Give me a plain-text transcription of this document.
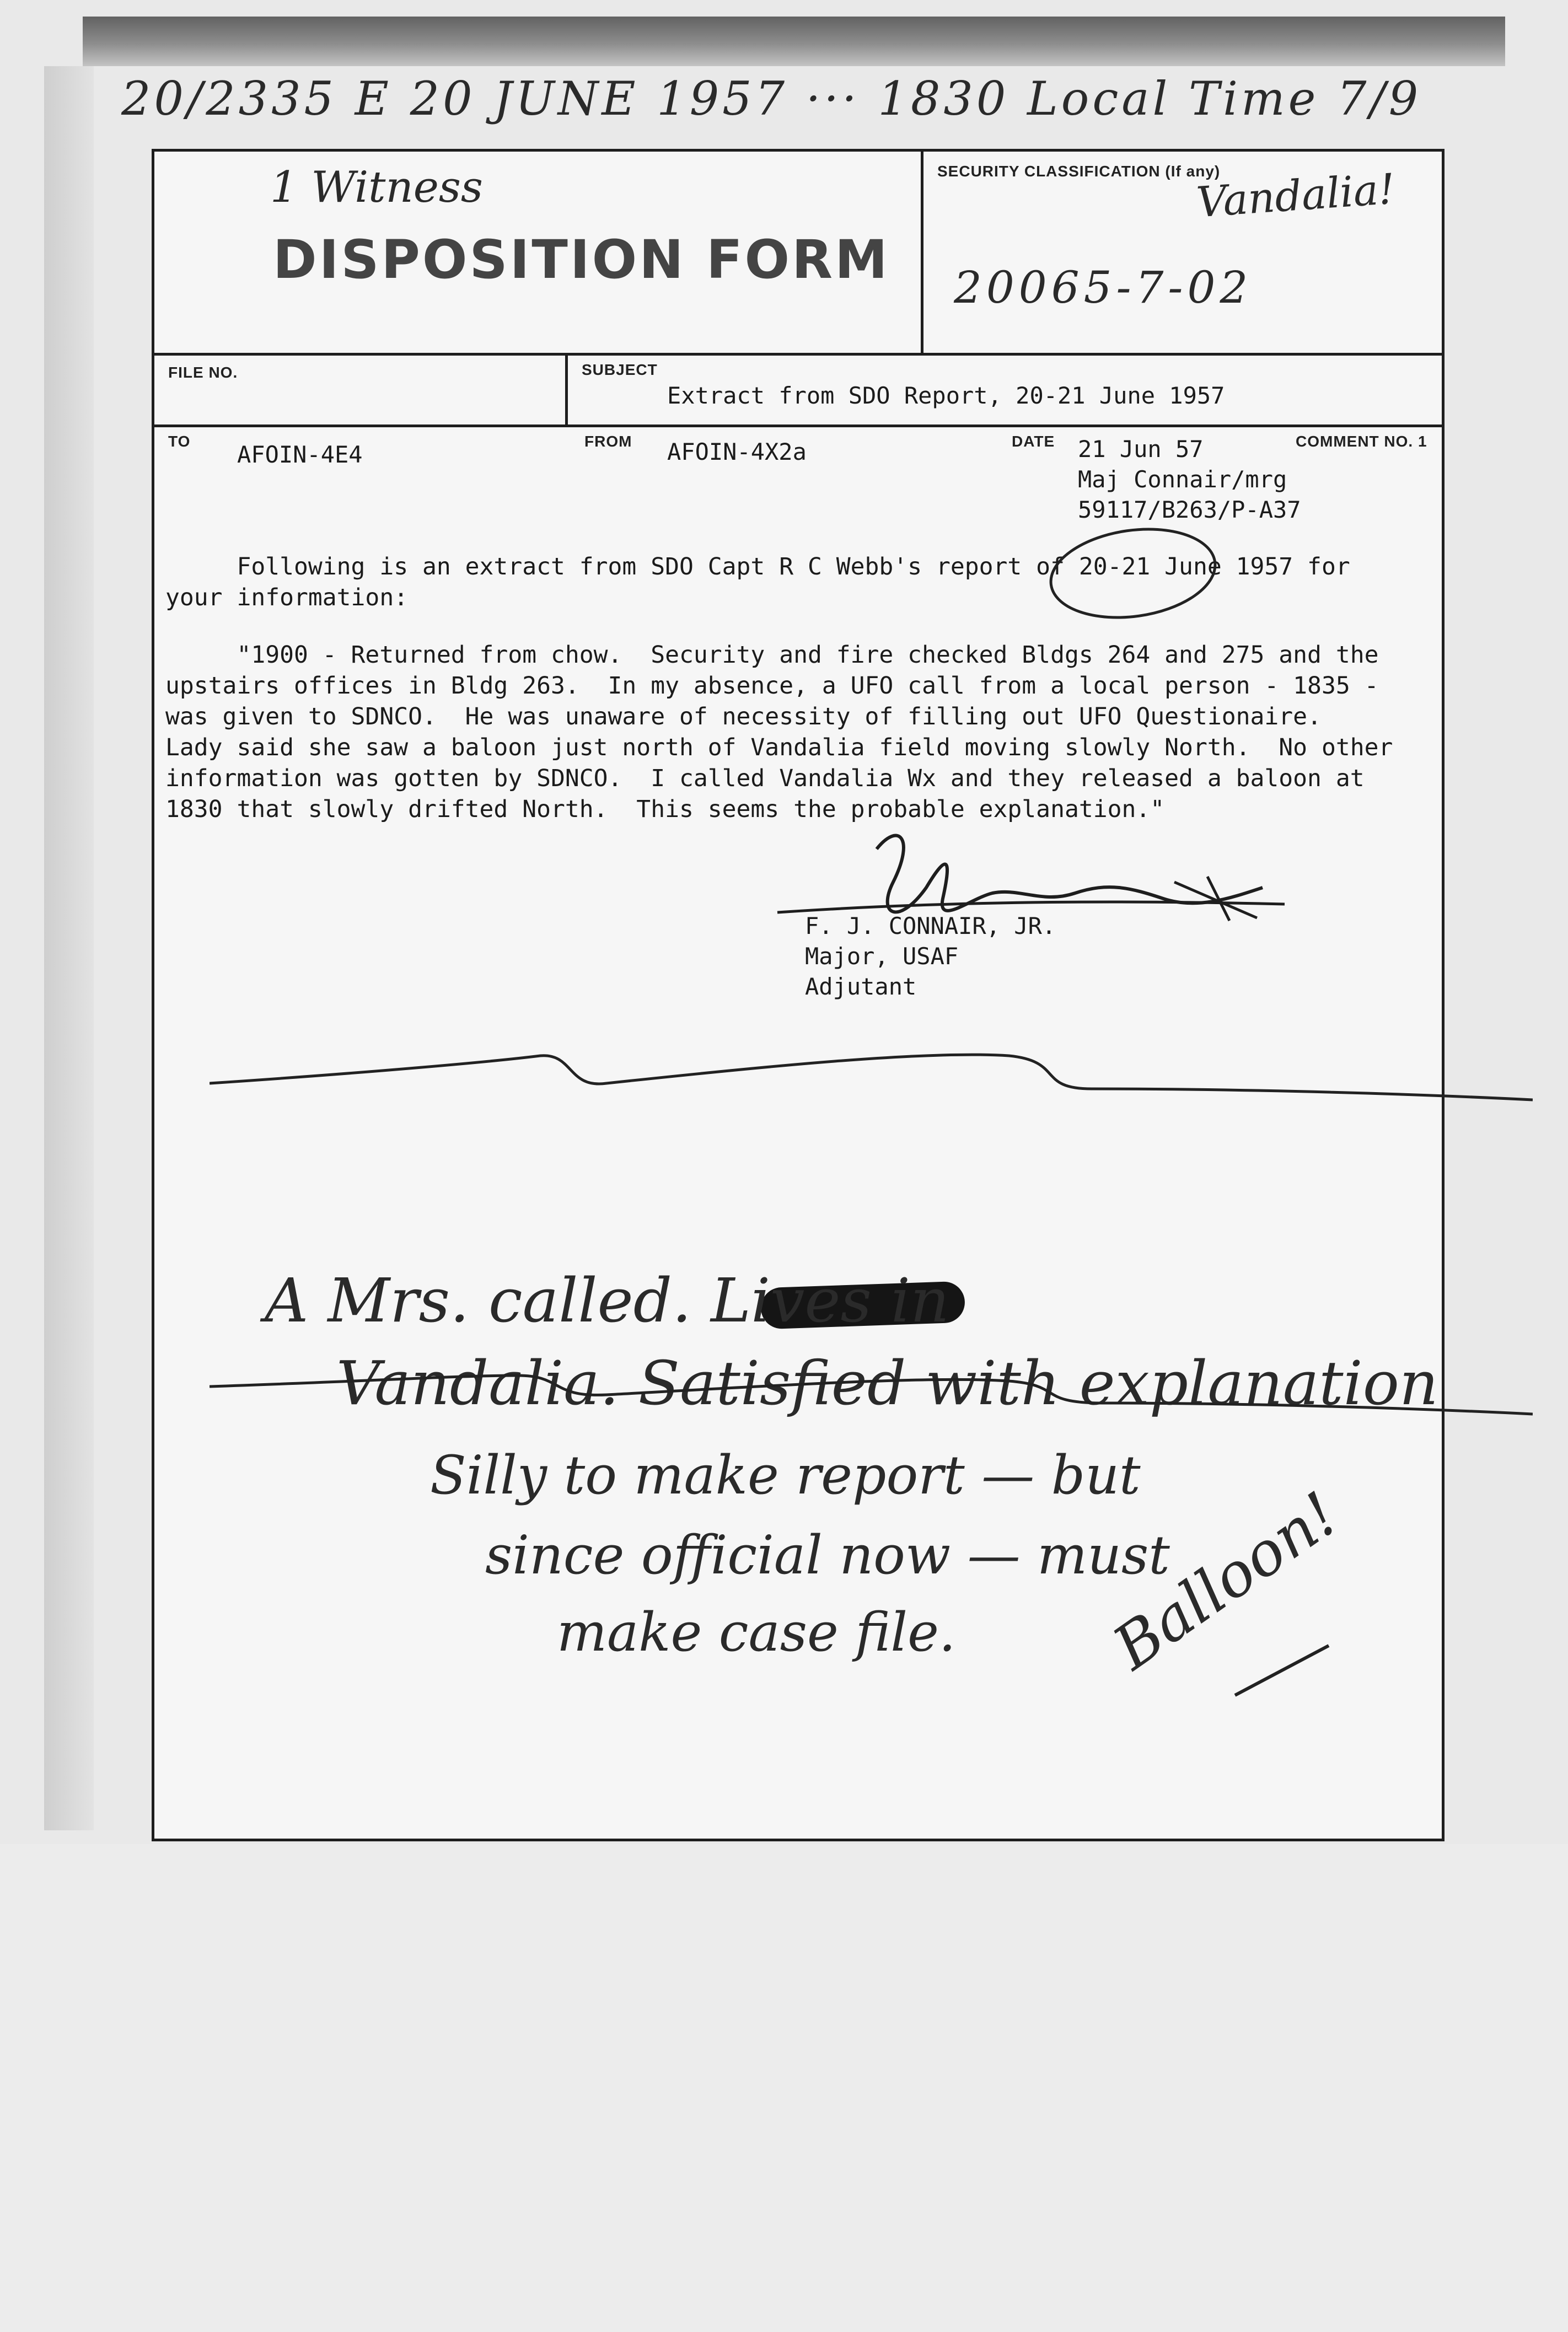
20/2335 E 20 JUNE 1957 ··· 1830 Local Time 7/9
1 Witness
DISPOSITION FORM
SECURITY CLASSIFICATION (If any)
Vandalia!
20065-7-02
FILE NO.	SUBJECT
Extract from SDO Report, 20-21 June 1957
TO AFOIN-4E4	FROM AFOIN-4X2a	DATE 21 Jun 57	COMMENT NO. 1
Maj Connair/mrg
59117/B263/P-A37
Following is an extract from SDO Capt R C Webb's report of 20-21 June 1957 for
your information:
"1900 - Returned from chow.  Security and fire checked Bldgs 264 and 275 and the
upstairs offices in Bldg 263.  In my absence, a UFO call from a local person - 1835 -
was given to SDNCO.  He was unaware of necessity of filling out UFO Questionaire.
Lady said she saw a baloon just north of Vandalia field moving slowly North.  No other
information was gotten by SDNCO.  I called Vandalia Wx and they released a baloon at
1830 that slowly drifted North.  This seems the probable explanation."
F. J. CONNAIR, JR.
Major, USAF
Adjutant
A Mrs. called. Lives in
Vandalia. Satisfied with explanation
Silly to make report — but
since official now — must
make case file. Balloon!
